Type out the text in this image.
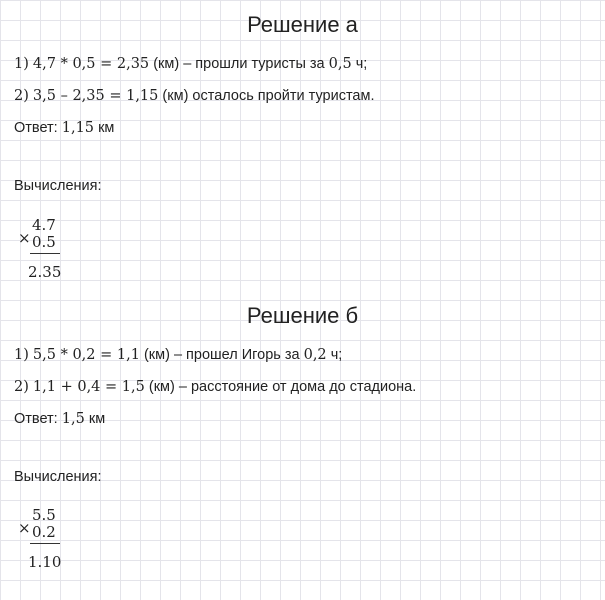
Решение а
1) 4,7 * 0,5 = 2,35 (км) – прошли туристы за 0,5 ч;
2) 3,5 – 2,35 = 1,15 (км) осталось пройти туристам.
Ответ: 1,15 км
Вычисления:
×
4.7
0.5
2.35
Решение б
1) 5,5 * 0,2 = 1,1 (км) – прошел Игорь за 0,2 ч;
2) 1,1 + 0,4 = 1,5 (км) – расстояние от дома до стадиона.
Ответ: 1,5 км
Вычисления:
×
5.5
0.2
1.10
